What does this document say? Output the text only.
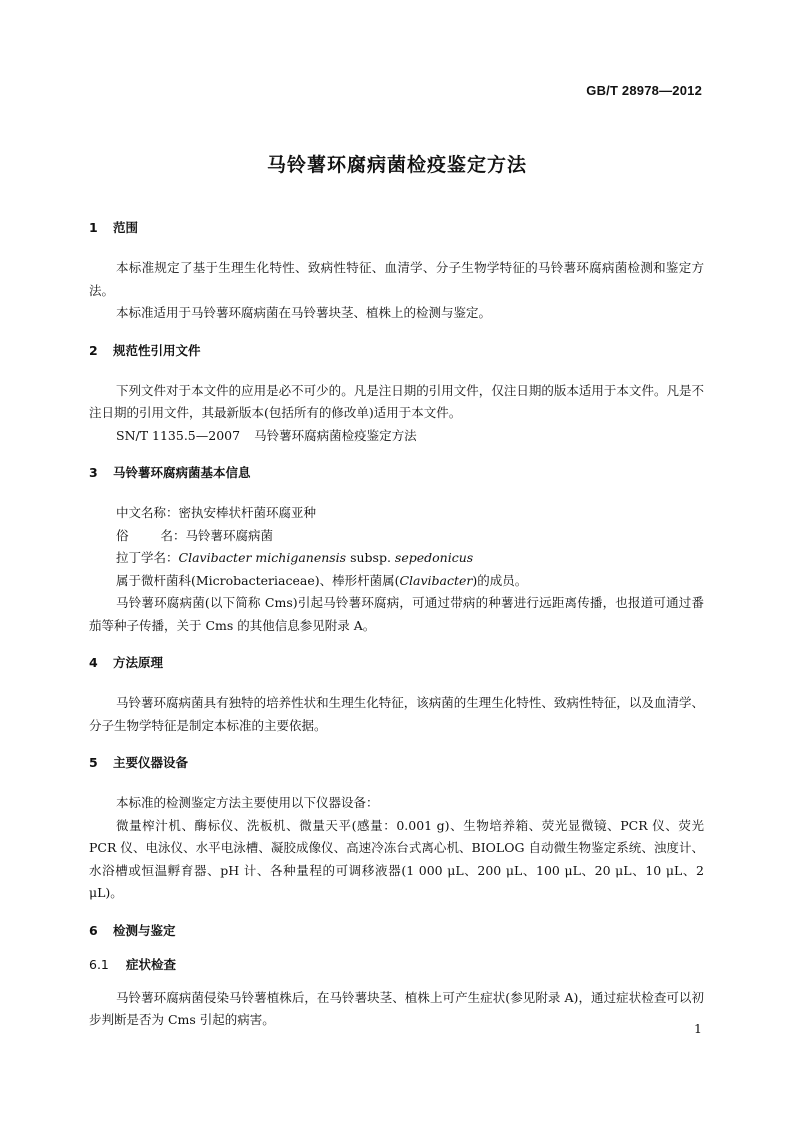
GB/T 28978—2012
马铃薯环腐病菌检疫鉴定方法
1	范围

本标准规定了基于生理生化特性、致病性特征、血清学、分子生物学特征的马铃薯环腐病菌检测和鉴定方法。

本标准适用于马铃薯环腐病菌在马铃薯块茎、植株上的检测与鉴定。

2	规范性引用文件

下列文件对于本文件的应用是必不可少的。凡是注日期的引用文件，仅注日期的版本适用于本文件。凡是不注日期的引用文件，其最新版本(包括所有的修改单)适用于本文件。

SN/T 1135.5—2007 马铃薯环腐病菌检疫鉴定方法

3	马铃薯环腐病菌基本信息

中文名称：密执安棒状杆菌环腐亚种

俗	名：马铃薯环腐病菌

拉丁学名：Clavibacter michiganensis subsp. sepedonicus

属于微杆菌科(Microbacteriaceae)、棒形杆菌属(Clavibacter)的成员。

马铃薯环腐病菌(以下简称 Cms)引起马铃薯环腐病，可通过带病的种薯进行远距离传播，也报道可通过番茄等种子传播，关于 Cms 的其他信息参见附录 A。

4	方法原理

马铃薯环腐病菌具有独特的培养性状和生理生化特征，该病菌的生理生化特性、致病性特征，以及血清学、分子生物学特征是制定本标准的主要依据。

5	主要仪器设备

本标准的检测鉴定方法主要使用以下仪器设备：

微量榨汁机、酶标仪、洗板机、微量天平(感量：0.001 g)、生物培养箱、荧光显微镜、PCR 仪、荧光 PCR 仪、电泳仪、水平电泳槽、凝胶成像仪、高速冷冻台式离心机、BIOLOG 自动微生物鉴定系统、浊度计、水浴槽或恒温孵育器、pH 计、各种量程的可调移液器(1 000 μL、200 μL、100 μL、20 μL、10 μL、2 μL)。

6	检测与鉴定
6.1	症状检查

马铃薯环腐病菌侵染马铃薯植株后，在马铃薯块茎、植株上可产生症状(参见附录 A)，通过症状检查可以初步判断是否为 Cms 引起的病害。

1
